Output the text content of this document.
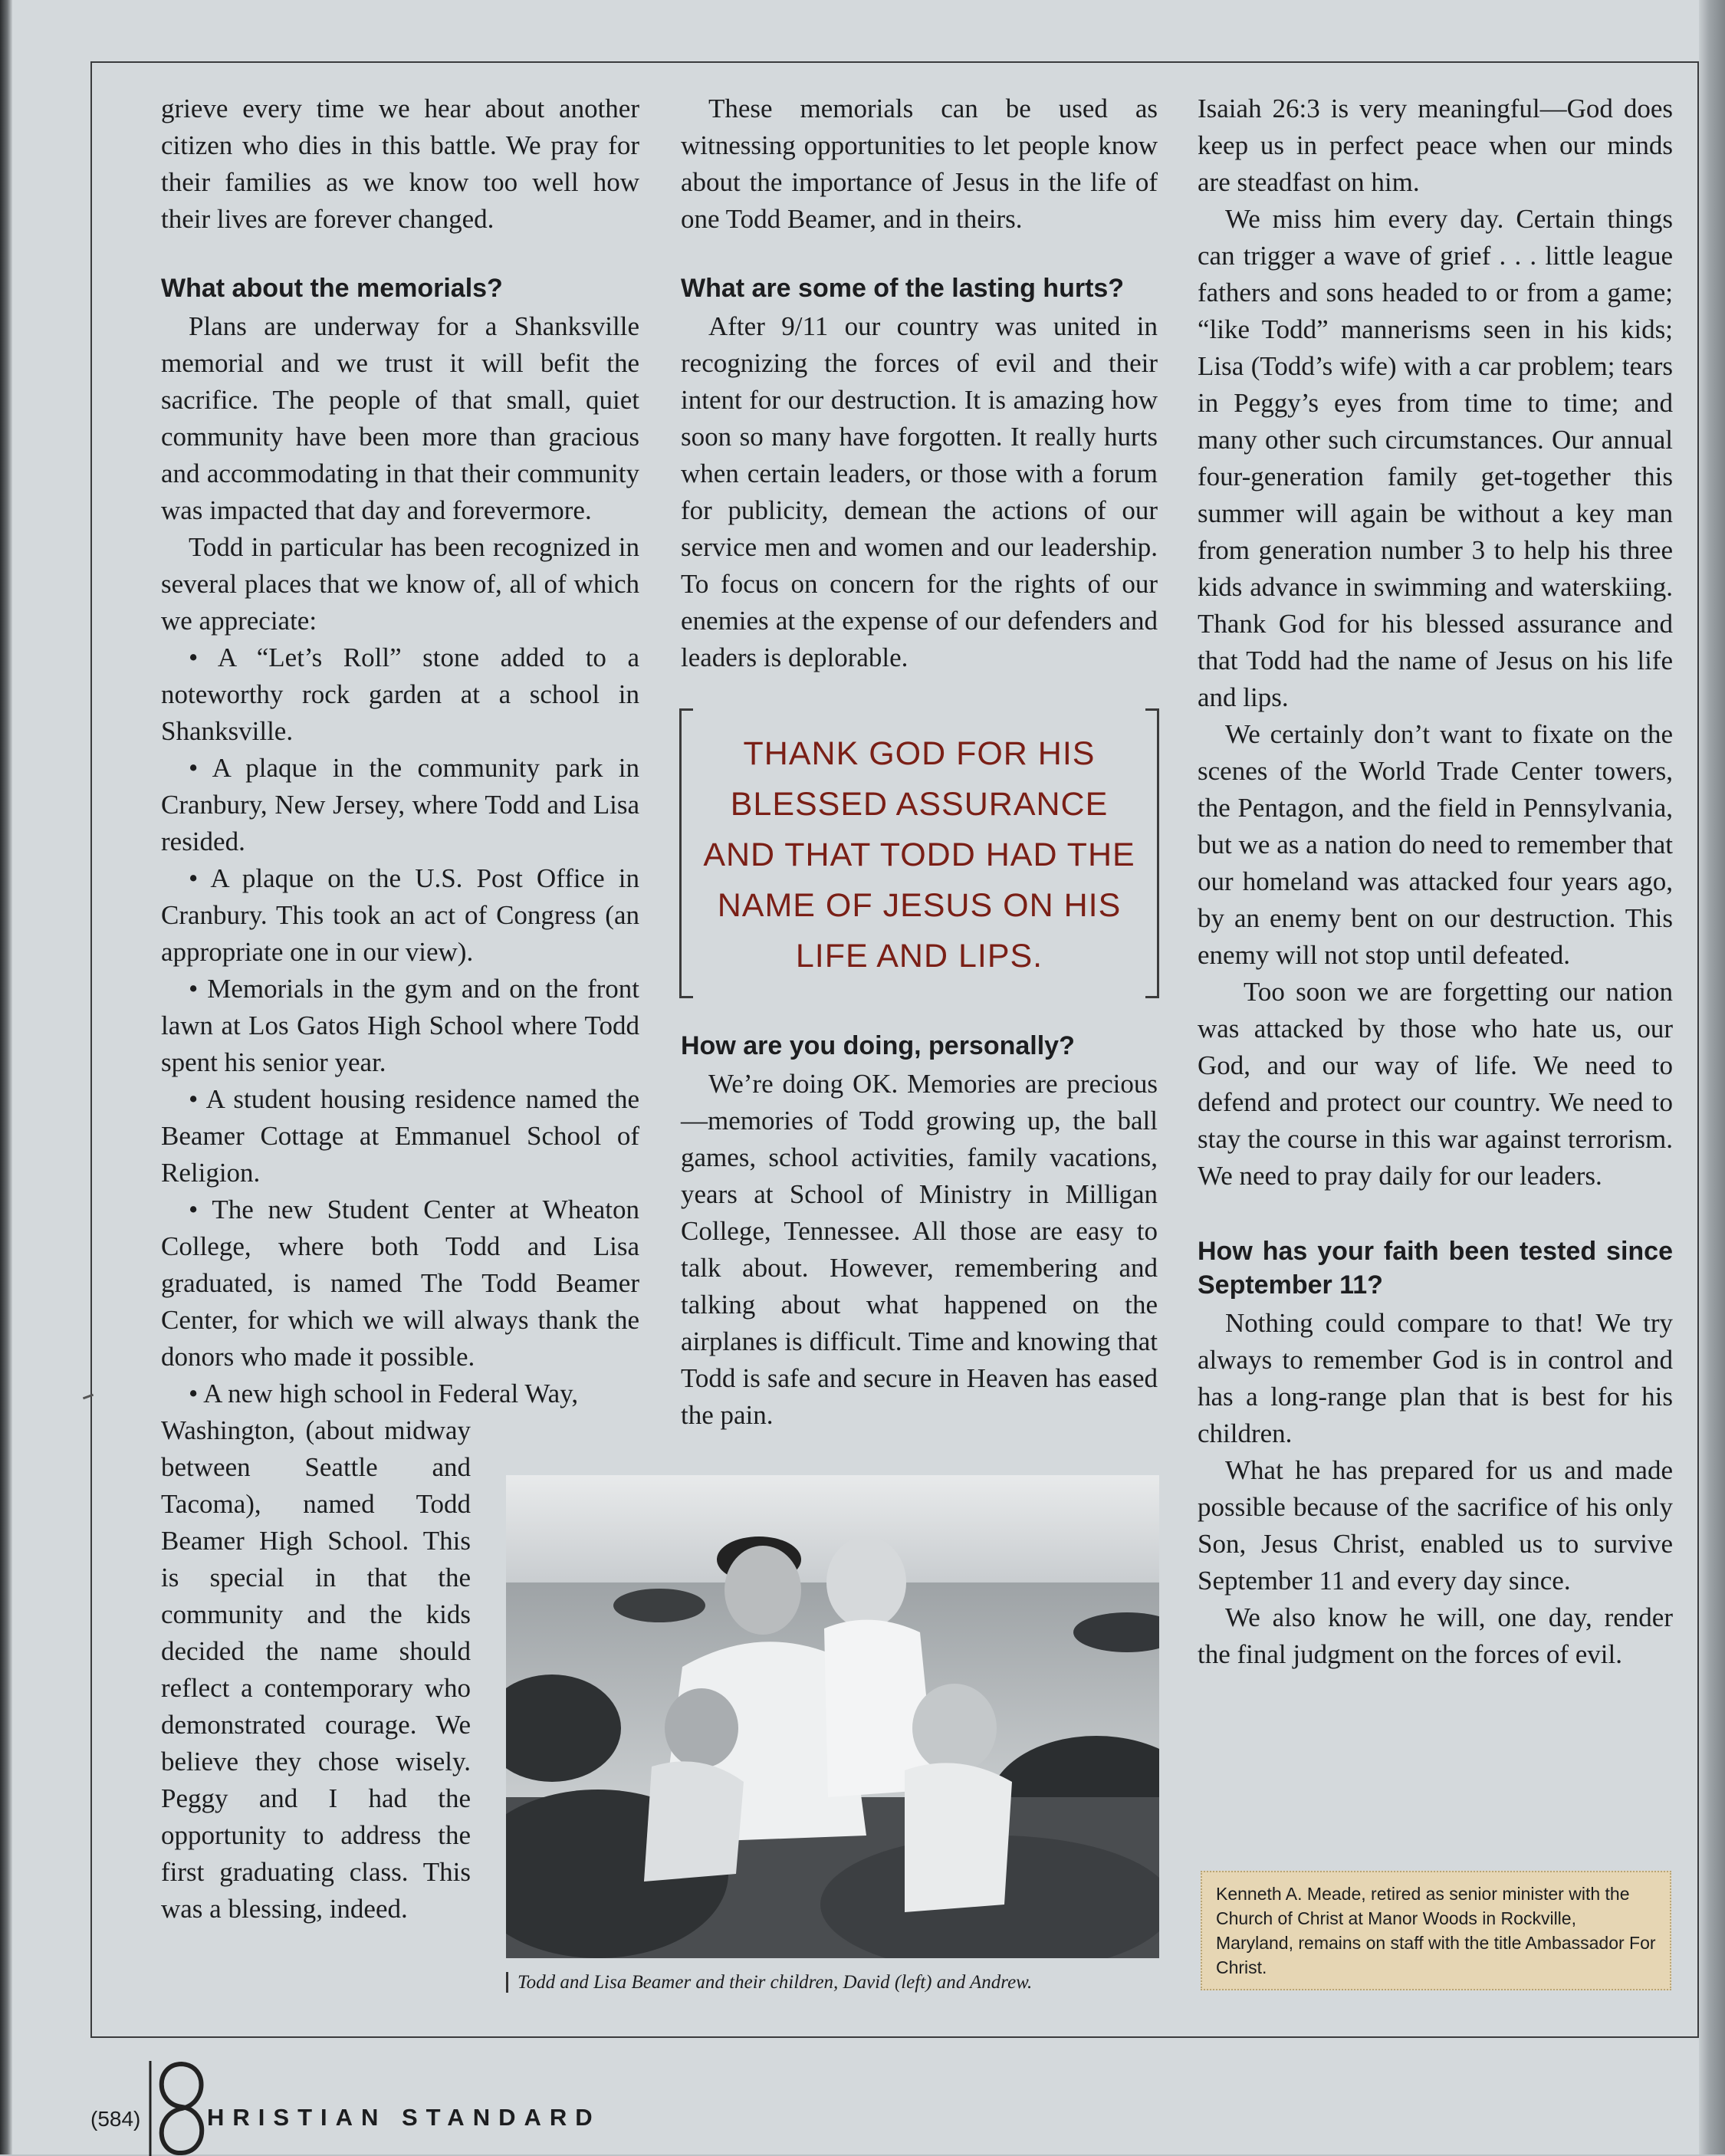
grieve every time we hear about another citizen who dies in this battle. We pray for their families as we know too well how their lives are forever changed.

What about the memorials?

Plans are underway for a Shanksville memorial and we trust it will befit the sacrifice. The people of that small, quiet community have been more than gracious and accommodating in that their community was impacted that day and forevermore.

Todd in particular has been recognized in several places that we know of, all of which we appreciate:

• A “Let’s Roll” stone added to a noteworthy rock garden at a school in Shanksville.

• A plaque in the community park in Cranbury, New Jersey, where Todd and Lisa resided.

• A plaque on the U.S. Post Office in Cranbury. This took an act of Congress (an appropriate one in our view).

• Memorials in the gym and on the front lawn at Los Gatos High School where Todd spent his senior year.

• A student housing residence named the Beamer Cottage at Emmanuel School of Religion.

• The new Student Center at Wheaton College, where both Todd and Lisa graduated, is named The Todd Beamer Center, for which we will always thank the donors who made it possible.

• A new high school in Federal Way,

Washington, (about midway between Seattle and Tacoma), named Todd Beamer High School. This is special in that the community and the kids decided the name should reflect a contemporary who demonstrated courage. We believe they chose wisely. Peggy and I had the opportunity to address the first graduating class. This was a blessing, indeed.

These memorials can be used as witnessing opportunities to let people know about the importance of Jesus in the life of one Todd Beamer, and in theirs.

What are some of the lasting hurts?

After 9/11 our country was united in recognizing the forces of evil and their intent for our destruction. It is amazing how soon so many have forgotten. It really hurts when certain leaders, or those with a forum for publicity, demean the actions of our service men and women and our leadership. To focus on concern for the rights of our enemies at the expense of our defenders and leaders is deplorable.

THANK GOD FOR HIS BLESSED ASSURANCE AND THAT TODD HAD THE NAME OF JESUS ON HIS LIFE AND LIPS.
How are you doing, personally?

We’re doing OK. Memories are precious—memories of Todd growing up, the ball games, school activities, family vacations, years at School of Ministry in Milligan College, Tennessee. All those are easy to talk about. However, remembering and talking about what happened on the airplanes is difficult. Time and knowing that Todd is safe and secure in Heaven has eased the pain.

Todd and Lisa Beamer and their children, David (left) and Andrew.

Isaiah 26:3 is very meaningful—God does keep us in perfect peace when our minds are steadfast on him.

We miss him every day. Certain things can trigger a wave of grief . . . little league fathers and sons headed to or from a game; “like Todd” mannerisms seen in his kids; Lisa (Todd’s wife) with a car problem; tears in Peggy’s eyes from time to time; and many other such circumstances. Our annual four-generation family get-together this summer will again be without a key man from generation number 3 to help his three kids advance in swimming and waterskiing. Thank God for his blessed assurance and that Todd had the name of Jesus on his life and lips.

We certainly don’t want to fixate on the scenes of the World Trade Center towers, the Pentagon, and the field in Pennsylvania, but we as a nation do need to remember that our homeland was attacked four years ago, by an enemy bent on our destruction. This enemy will not stop until defeated.

Too soon we are forgetting our nation was attacked by those who hate us, our God, and our way of life. We need to defend and protect our country. We need to stay the course in this war against terrorism. We need to pray daily for our leaders.

How has your faith been tested since September 11?

Nothing could compare to that! We try always to remember God is in control and has a long-range plan that is best for his children.

What he has prepared for us and made possible because of the sacrifice of his only Son, Jesus Christ, enabled us to survive September 11 and every day since.

We also know he will, one day, render the final judgment on the forces of evil.

Kenneth A. Meade, retired as senior minister with the Church of Christ at Manor Woods in Rockville, Maryland, remains on staff with the title Ambassador For Christ.
(584)	HRISTIAN STANDARD
